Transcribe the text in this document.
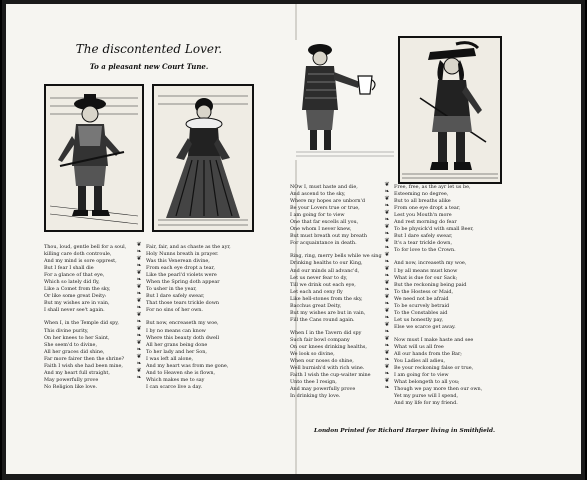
The discontented Lover.
To a pleasant new Court Tune.
Thou, loud, gentle bell for a soul,
killing care doth controule,
And my mind is sore opprest,
But I fear I shall die
For a glance of that eye,
Which so lately did fly,
Like a Comet from the sky,
Or like some great Deity:
But my wishes are in vain,
I shall never see't again.
When I, in the Temple did spy,
This divine purity,
On her knees to her Saint,
She seem'd to divine,
All her graces did shine,
Far more fairer then the shrine?
Faith I wish she had been mine,
And my heart full straight,
May powerfully prove
No Religion like love.
❦
❧
❦
❧
❦
❧
❦
❧
❦
❧
❦
❧
❦
❧
❦
❧
❦
❧
❦
❧
Fair, fair, and as chaste as the ayr,
Holy Nunns breath in prayer.
Was this Venerean divine,
From each eye dropt a tear,
Like the pearl'd violets were
When the Spring doth appear
To usher in the year,
But I dare safely swear,
That those tears trickle down
For no sins of her own.
But now, encreaseth my woe,
I by no means can know
Where this beauty doth dwell
All her grans being done
To her lady and her Son,
I was left all alone,
And my heart was from me gone,
And to Heaven she is flown,
Which makes me to say
I can scarce live a day.
NOw I, must haste and die,
And ascend to the sky,
Where my hopes are unborn'd
Be your Lovers true or true,
I am going for to view
One that far excells all you,
One whom I never knew,
But must breath out my breath
For acquaintance in death.
Ring, ring, merry bells while we sing
Drinking healths to our King,
And our minds all advanc'd,
Let us never fear to dy,
Till we drink out each eye,
Let each and ceny fly
Like hell-stones from the sky,
Bacchus great Deity,
But my wishes are but in vain,
Fill the Cans round again.
When I in the Tavern did spy
Such fair bowl company
On our knees drinking healths,
We look so divine,
When our noses do shine,
Well burnish'd with rich wine.
Faith I wish the cup-waiter mine
Unto thee I resign,
And may powerfully prove
In drinking thy love.
❦
❧
❦
❧
❦
❧
❦
❧
❦
❧
❦
❧
❦
❧
❦
❧
❦
❧
❦
❧
❦
❧
❦
❧
❦
❧
❦
❧
❦
❧
Free, free, as the ayr let us be,
Esteeming no degree,
But to all breaths alike
From one eye dropt a tear,
Lest you Mouth'n more
And rest morning do fear
To be physick'd with small Beer,
But I dare safely swear,
It's a tear trickle down,
To for love to the Crown.
And now, increaseth my woe,
I by all means must know
What is due for our Sack;
But the reckoning being paid
To the Hostess or Maid,
We need not be afraid
To be scurvely betraid
To the Constables aid
Let us honestly pay,
Else we scarce get away.
Now must I make haste and see
What will us all free
All our hands from the Bar;
You Ladies all adieu,
Be your reckoning false or true,
I am going for to view
What belongeth to all you;
Though we pay more then our own,
Yet my purse will I spend,
And my life for my friend.
London Printed for Richard Harper living in Smithfield.
